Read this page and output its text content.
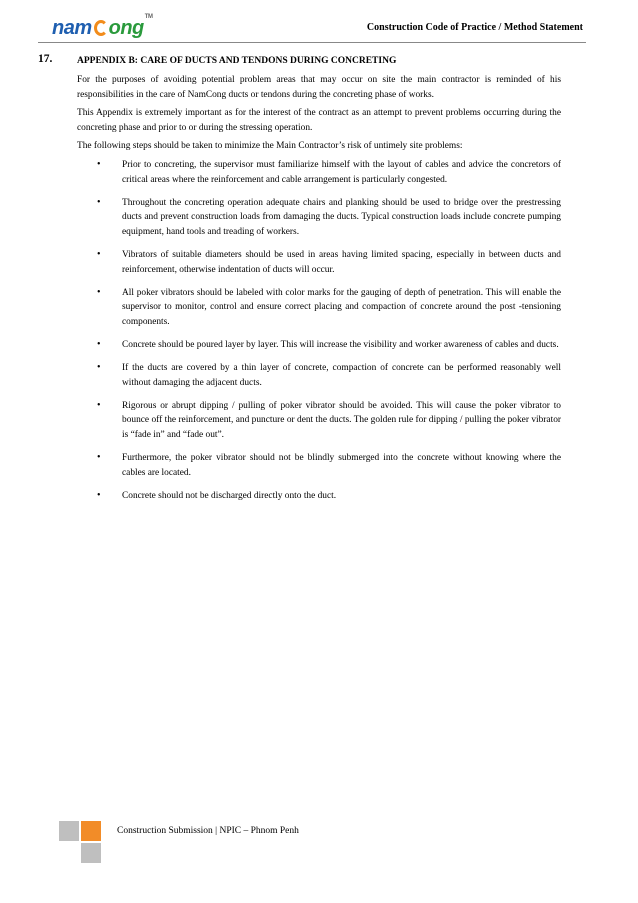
nam ong TM
Construction Code of Practice / Method Statement
17.	APPENDIX B: CARE OF DUCTS AND TENDONS DURING CONCRETING

For the purposes of avoiding potential problem areas that may occur on site the main contractor is reminded of his responsibilities in the care of NamCong ducts or tendons during the concreting phase of works.

This Appendix is extremely important as for the interest of the contract as an attempt to prevent problems occurring during the concreting phase and prior to or during the stressing operation.

The following steps should be taken to minimize the Main Contractor’s risk of untimely site problems:

• Prior to concreting, the supervisor must familiarize himself with the layout of cables and advice the concretors of critical areas where the reinforcement and cable arrangement is particularly congested.
• Throughout the concreting operation adequate chairs and planking should be used to bridge over the prestressing ducts and prevent construction loads from damaging the ducts. Typical construction loads include concrete pumping equipment, hand tools and treading of workers.
• Vibrators of suitable diameters should be used in areas having limited spacing, especially in between ducts and reinforcement, otherwise indentation of ducts will occur.
• All poker vibrators should be labeled with color marks for the gauging of depth of penetration. This will enable the supervisor to monitor, control and ensure correct placing and compaction of concrete around the post -tensioning components.
• Concrete should be poured layer by layer. This will increase the visibility and worker awareness of cables and ducts.
• If the ducts are covered by a thin layer of concrete, compaction of concrete can be performed reasonably well without damaging the adjacent ducts.
• Rigorous or abrupt dipping / pulling of poker vibrator should be avoided. This will cause the poker vibrator to bounce off the reinforcement, and puncture or dent the ducts. The golden rule for dipping / pulling the poker vibrator is “fade in” and “fade out”.
• Furthermore, the poker vibrator should not be blindly submerged into the concrete without knowing where the cables are located.
• Concrete should not be discharged directly onto the duct.
Construction Submission | NPIC – Phnom Penh
